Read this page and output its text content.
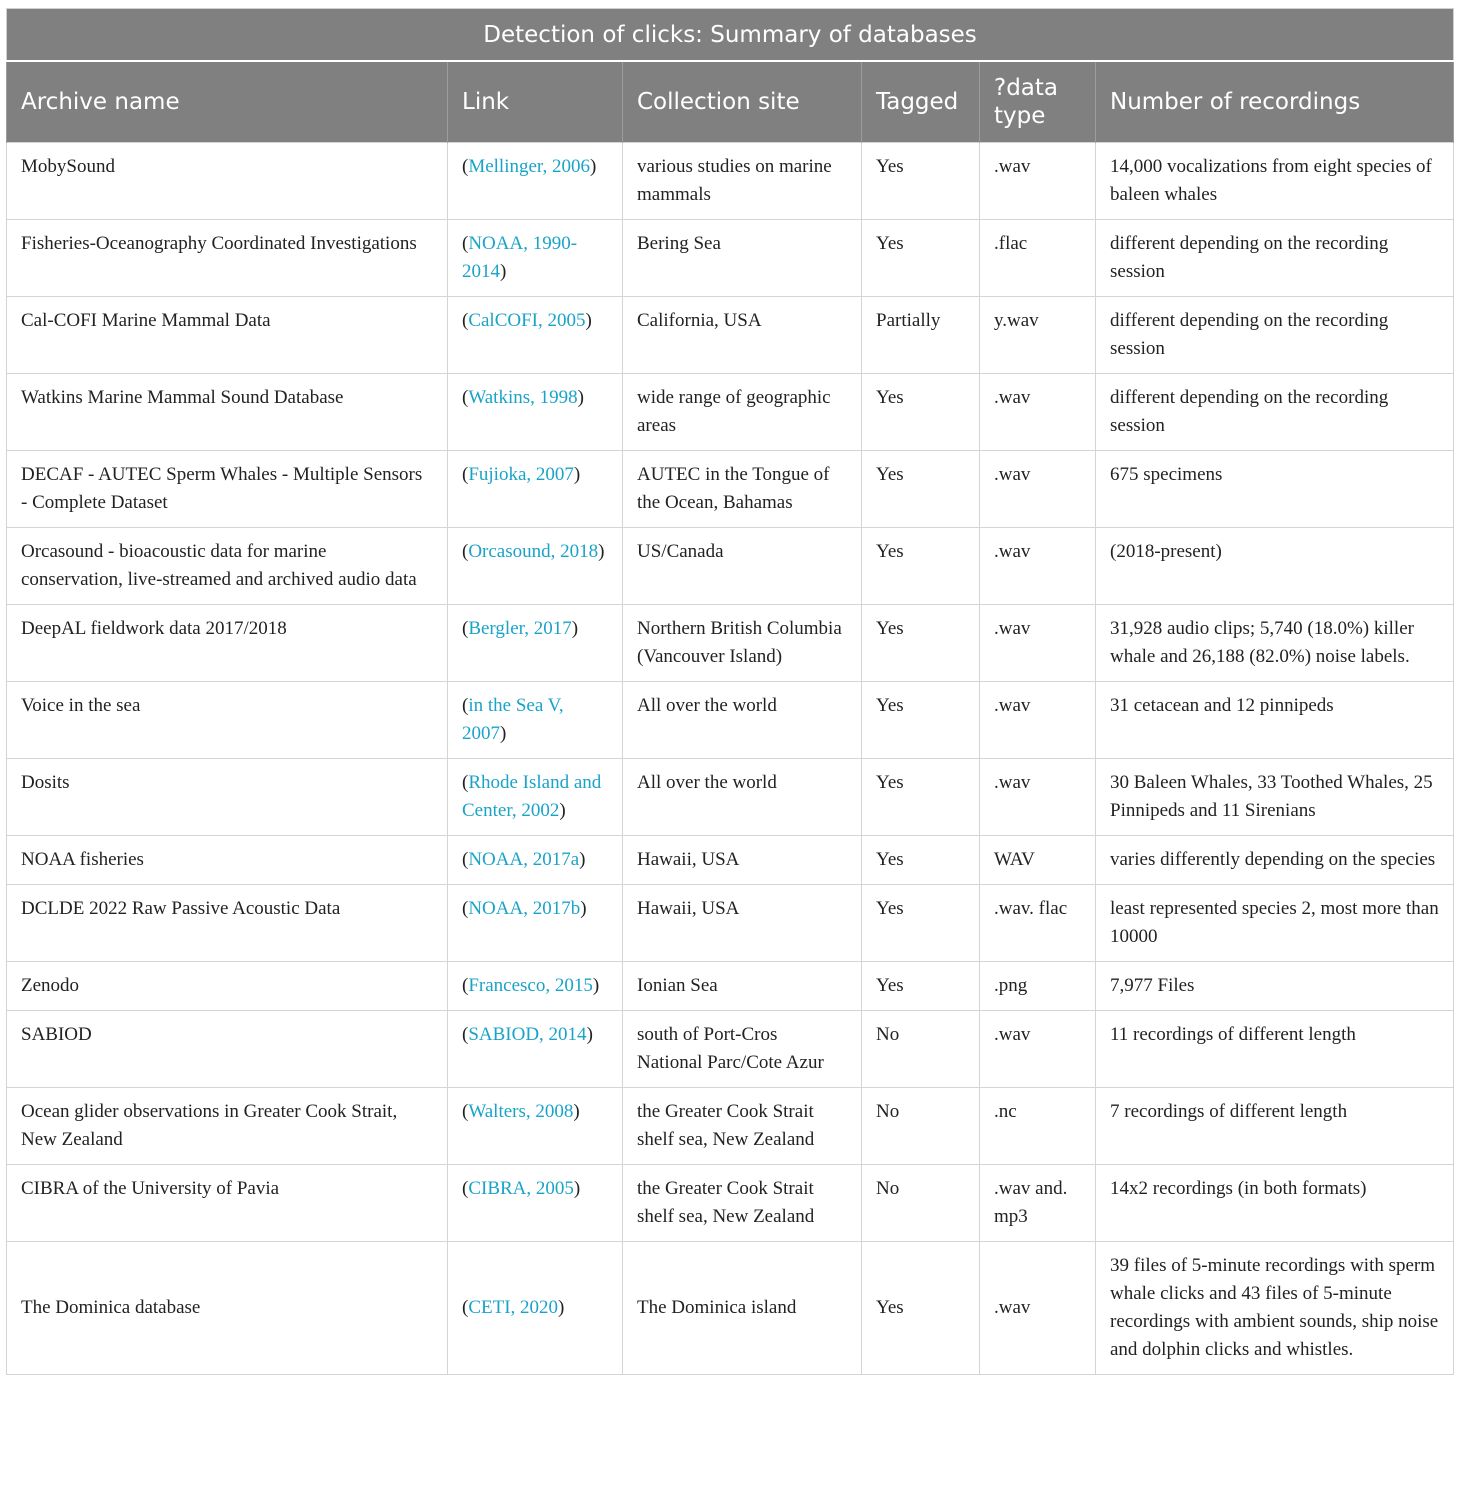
Detection of clicks: Summary of databases					
Archive name	Link	Collection site	Tagged	?data type	Number of recordings
MobySound	(Mellinger, 2006)	various studies on marine mammals	Yes	.wav	14,000 vocalizations from eight species of baleen whales
Fisheries-Oceanography Coordinated Investigations	(NOAA, 1990-2014)	Bering Sea	Yes	.flac	different depending on the recording session
Cal-COFI Marine Mammal Data	(CalCOFI, 2005)	California, USA	Partially	y.wav	different depending on the recording session
Watkins Marine Mammal Sound Database	(Watkins, 1998)	wide range of geographic areas	Yes	.wav	different depending on the recording session
DECAF - AUTEC Sperm Whales - Multiple Sensors - Complete Dataset	(Fujioka, 2007)	AUTEC in the Tongue of the Ocean, Bahamas	Yes	.wav	675 specimens
Orcasound - bioacoustic data for marine conservation, live-streamed and archived audio data	(Orcasound, 2018)	US/Canada	Yes	.wav	(2018-present)
DeepAL fieldwork data 2017/2018	(Bergler, 2017)	Northern British Columbia (Vancouver Island)	Yes	.wav	31,928 audio clips; 5,740 (18.0%) killer whale and 26,188 (82.0%) noise labels.
Voice in the sea	(in the Sea V, 2007)	All over the world	Yes	.wav	31 cetacean and 12 pinnipeds
Dosits	(Rhode Island and Center, 2002)	All over the world	Yes	.wav	30 Baleen Whales, 33 Toothed Whales, 25 Pinnipeds and 11 Sirenians
NOAA fisheries	(NOAA, 2017a)	Hawaii, USA	Yes	WAV	varies differently depending on the species
DCLDE 2022 Raw Passive Acoustic Data	(NOAA, 2017b)	Hawaii, USA	Yes	.wav. flac	least represented species 2, most more than 10000
Zenodo	(Francesco, 2015)	Ionian Sea	Yes	.png	7,977 Files
SABIOD	(SABIOD, 2014)	south of Port-Cros National Parc/Cote Azur	No	.wav	11 recordings of different length
Ocean glider observations in Greater Cook Strait, New Zealand	(Walters, 2008)	the Greater Cook Strait shelf sea, New Zealand	No	.nc	7 recordings of different length
CIBRA of the University of Pavia	(CIBRA, 2005)	the Greater Cook Strait shelf sea, New Zealand	No	.wav and. mp3	14x2 recordings (in both formats)
The Dominica database	(CETI, 2020)	The Dominica island	Yes	.wav	39 files of 5-minute recordings with sperm whale clicks and 43 files of 5-minute recordings with ambient sounds, ship noise and dolphin clicks and whistles.
